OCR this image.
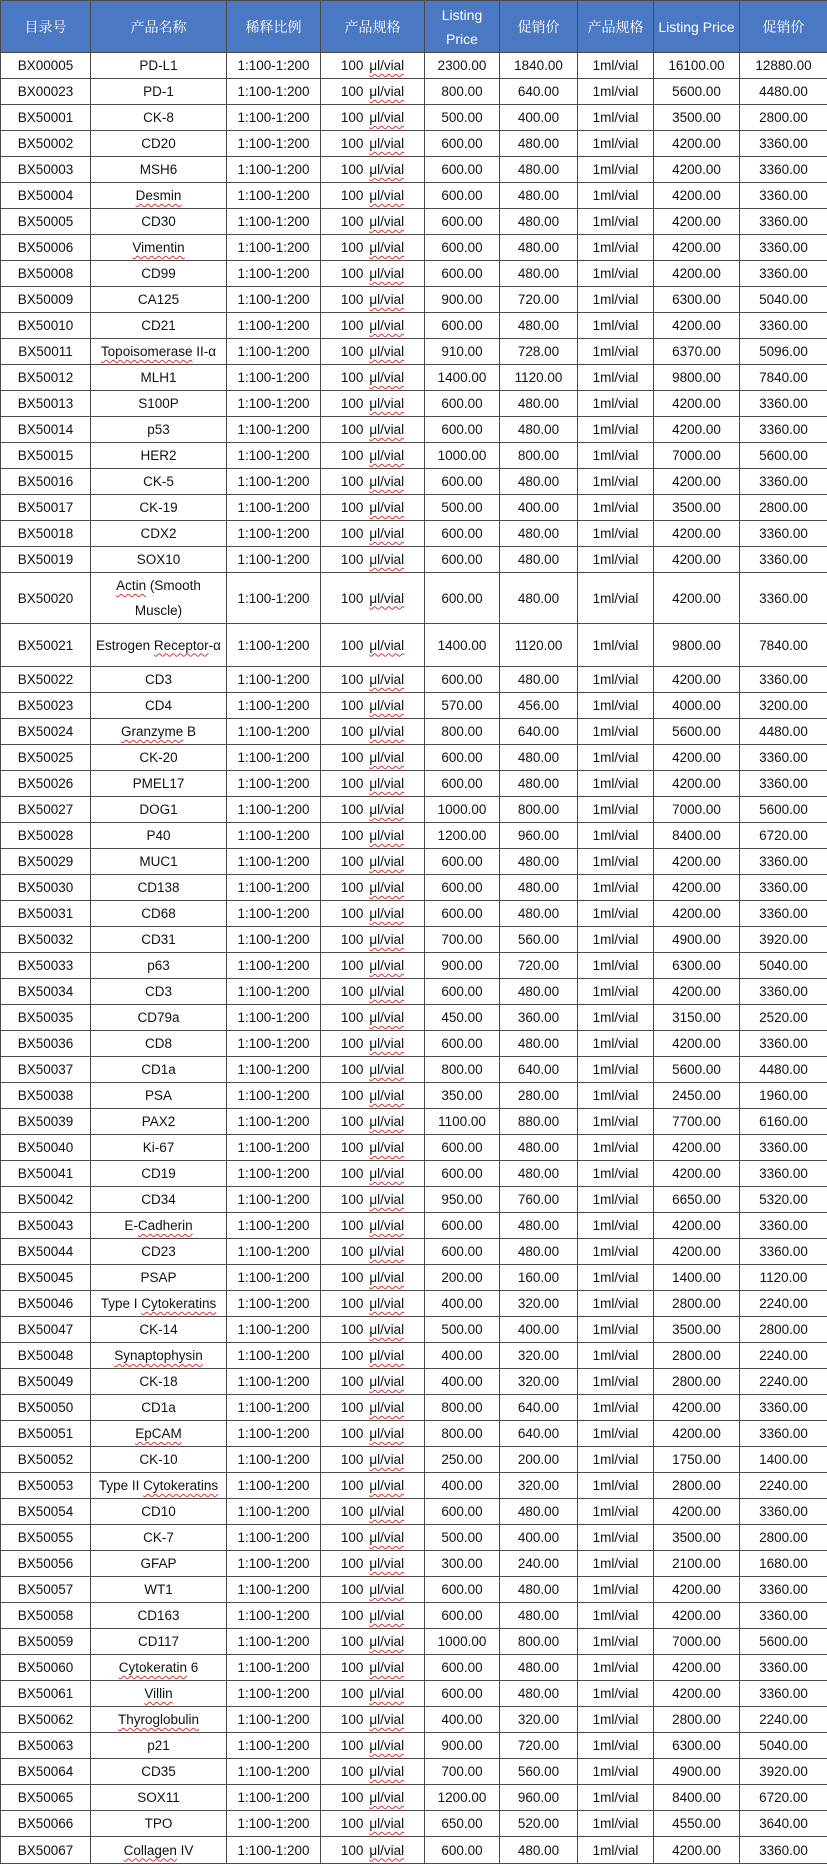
目录号	产品名称	稀释比例	产品规格	Listing Price	促销价	产品规格	Listing Price	促销价
BX00005	PD-L1	1:100-1:200	100 μl/vial	2300.00	1840.00	1ml/vial	16100.00	12880.00
BX00023	PD-1	1:100-1:200	100 μl/vial	800.00	640.00	1ml/vial	5600.00	4480.00
BX50001	CK-8	1:100-1:200	100 μl/vial	500.00	400.00	1ml/vial	3500.00	2800.00
BX50002	CD20	1:100-1:200	100 μl/vial	600.00	480.00	1ml/vial	4200.00	3360.00
BX50003	MSH6	1:100-1:200	100 μl/vial	600.00	480.00	1ml/vial	4200.00	3360.00
BX50004	Desmin	1:100-1:200	100 μl/vial	600.00	480.00	1ml/vial	4200.00	3360.00
BX50005	CD30	1:100-1:200	100 μl/vial	600.00	480.00	1ml/vial	4200.00	3360.00
BX50006	Vimentin	1:100-1:200	100 μl/vial	600.00	480.00	1ml/vial	4200.00	3360.00
BX50008	CD99	1:100-1:200	100 μl/vial	600.00	480.00	1ml/vial	4200.00	3360.00
BX50009	CA125	1:100-1:200	100 μl/vial	900.00	720.00	1ml/vial	6300.00	5040.00
BX50010	CD21	1:100-1:200	100 μl/vial	600.00	480.00	1ml/vial	4200.00	3360.00
BX50011	Topoisomerase II-α	1:100-1:200	100 μl/vial	910.00	728.00	1ml/vial	6370.00	5096.00
BX50012	MLH1	1:100-1:200	100 μl/vial	1400.00	1120.00	1ml/vial	9800.00	7840.00
BX50013	S100P	1:100-1:200	100 μl/vial	600.00	480.00	1ml/vial	4200.00	3360.00
BX50014	p53	1:100-1:200	100 μl/vial	600.00	480.00	1ml/vial	4200.00	3360.00
BX50015	HER2	1:100-1:200	100 μl/vial	1000.00	800.00	1ml/vial	7000.00	5600.00
BX50016	CK-5	1:100-1:200	100 μl/vial	600.00	480.00	1ml/vial	4200.00	3360.00
BX50017	CK-19	1:100-1:200	100 μl/vial	500.00	400.00	1ml/vial	3500.00	2800.00
BX50018	CDX2	1:100-1:200	100 μl/vial	600.00	480.00	1ml/vial	4200.00	3360.00
BX50019	SOX10	1:100-1:200	100 μl/vial	600.00	480.00	1ml/vial	4200.00	3360.00
BX50020	Actin (Smooth Muscle)	1:100-1:200	100 μl/vial	600.00	480.00	1ml/vial	4200.00	3360.00
BX50021	Estrogen Receptor-α	1:100-1:200	100 μl/vial	1400.00	1120.00	1ml/vial	9800.00	7840.00
BX50022	CD3	1:100-1:200	100 μl/vial	600.00	480.00	1ml/vial	4200.00	3360.00
BX50023	CD4	1:100-1:200	100 μl/vial	570.00	456.00	1ml/vial	4000.00	3200.00
BX50024	Granzyme B	1:100-1:200	100 μl/vial	800.00	640.00	1ml/vial	5600.00	4480.00
BX50025	CK-20	1:100-1:200	100 μl/vial	600.00	480.00	1ml/vial	4200.00	3360.00
BX50026	PMEL17	1:100-1:200	100 μl/vial	600.00	480.00	1ml/vial	4200.00	3360.00
BX50027	DOG1	1:100-1:200	100 μl/vial	1000.00	800.00	1ml/vial	7000.00	5600.00
BX50028	P40	1:100-1:200	100 μl/vial	1200.00	960.00	1ml/vial	8400.00	6720.00
BX50029	MUC1	1:100-1:200	100 μl/vial	600.00	480.00	1ml/vial	4200.00	3360.00
BX50030	CD138	1:100-1:200	100 μl/vial	600.00	480.00	1ml/vial	4200.00	3360.00
BX50031	CD68	1:100-1:200	100 μl/vial	600.00	480.00	1ml/vial	4200.00	3360.00
BX50032	CD31	1:100-1:200	100 μl/vial	700.00	560.00	1ml/vial	4900.00	3920.00
BX50033	p63	1:100-1:200	100 μl/vial	900.00	720.00	1ml/vial	6300.00	5040.00
BX50034	CD3	1:100-1:200	100 μl/vial	600.00	480.00	1ml/vial	4200.00	3360.00
BX50035	CD79a	1:100-1:200	100 μl/vial	450.00	360.00	1ml/vial	3150.00	2520.00
BX50036	CD8	1:100-1:200	100 μl/vial	600.00	480.00	1ml/vial	4200.00	3360.00
BX50037	CD1a	1:100-1:200	100 μl/vial	800.00	640.00	1ml/vial	5600.00	4480.00
BX50038	PSA	1:100-1:200	100 μl/vial	350.00	280.00	1ml/vial	2450.00	1960.00
BX50039	PAX2	1:100-1:200	100 μl/vial	1100.00	880.00	1ml/vial	7700.00	6160.00
BX50040	Ki-67	1:100-1:200	100 μl/vial	600.00	480.00	1ml/vial	4200.00	3360.00
BX50041	CD19	1:100-1:200	100 μl/vial	600.00	480.00	1ml/vial	4200.00	3360.00
BX50042	CD34	1:100-1:200	100 μl/vial	950.00	760.00	1ml/vial	6650.00	5320.00
BX50043	E-Cadherin	1:100-1:200	100 μl/vial	600.00	480.00	1ml/vial	4200.00	3360.00
BX50044	CD23	1:100-1:200	100 μl/vial	600.00	480.00	1ml/vial	4200.00	3360.00
BX50045	PSAP	1:100-1:200	100 μl/vial	200.00	160.00	1ml/vial	1400.00	1120.00
BX50046	Type I Cytokeratins	1:100-1:200	100 μl/vial	400.00	320.00	1ml/vial	2800.00	2240.00
BX50047	CK-14	1:100-1:200	100 μl/vial	500.00	400.00	1ml/vial	3500.00	2800.00
BX50048	Synaptophysin	1:100-1:200	100 μl/vial	400.00	320.00	1ml/vial	2800.00	2240.00
BX50049	CK-18	1:100-1:200	100 μl/vial	400.00	320.00	1ml/vial	2800.00	2240.00
BX50050	CD1a	1:100-1:200	100 μl/vial	800.00	640.00	1ml/vial	4200.00	3360.00
BX50051	EpCAM	1:100-1:200	100 μl/vial	800.00	640.00	1ml/vial	4200.00	3360.00
BX50052	CK-10	1:100-1:200	100 μl/vial	250.00	200.00	1ml/vial	1750.00	1400.00
BX50053	Type II Cytokeratins	1:100-1:200	100 μl/vial	400.00	320.00	1ml/vial	2800.00	2240.00
BX50054	CD10	1:100-1:200	100 μl/vial	600.00	480.00	1ml/vial	4200.00	3360.00
BX50055	CK-7	1:100-1:200	100 μl/vial	500.00	400.00	1ml/vial	3500.00	2800.00
BX50056	GFAP	1:100-1:200	100 μl/vial	300.00	240.00	1ml/vial	2100.00	1680.00
BX50057	WT1	1:100-1:200	100 μl/vial	600.00	480.00	1ml/vial	4200.00	3360.00
BX50058	CD163	1:100-1:200	100 μl/vial	600.00	480.00	1ml/vial	4200.00	3360.00
BX50059	CD117	1:100-1:200	100 μl/vial	1000.00	800.00	1ml/vial	7000.00	5600.00
BX50060	Cytokeratin 6	1:100-1:200	100 μl/vial	600.00	480.00	1ml/vial	4200.00	3360.00
BX50061	Villin	1:100-1:200	100 μl/vial	600.00	480.00	1ml/vial	4200.00	3360.00
BX50062	Thyroglobulin	1:100-1:200	100 μl/vial	400.00	320.00	1ml/vial	2800.00	2240.00
BX50063	p21	1:100-1:200	100 μl/vial	900.00	720.00	1ml/vial	6300.00	5040.00
BX50064	CD35	1:100-1:200	100 μl/vial	700.00	560.00	1ml/vial	4900.00	3920.00
BX50065	SOX11	1:100-1:200	100 μl/vial	1200.00	960.00	1ml/vial	8400.00	6720.00
BX50066	TPO	1:100-1:200	100 μl/vial	650.00	520.00	1ml/vial	4550.00	3640.00
BX50067	Collagen IV	1:100-1:200	100 μl/vial	600.00	480.00	1ml/vial	4200.00	3360.00
